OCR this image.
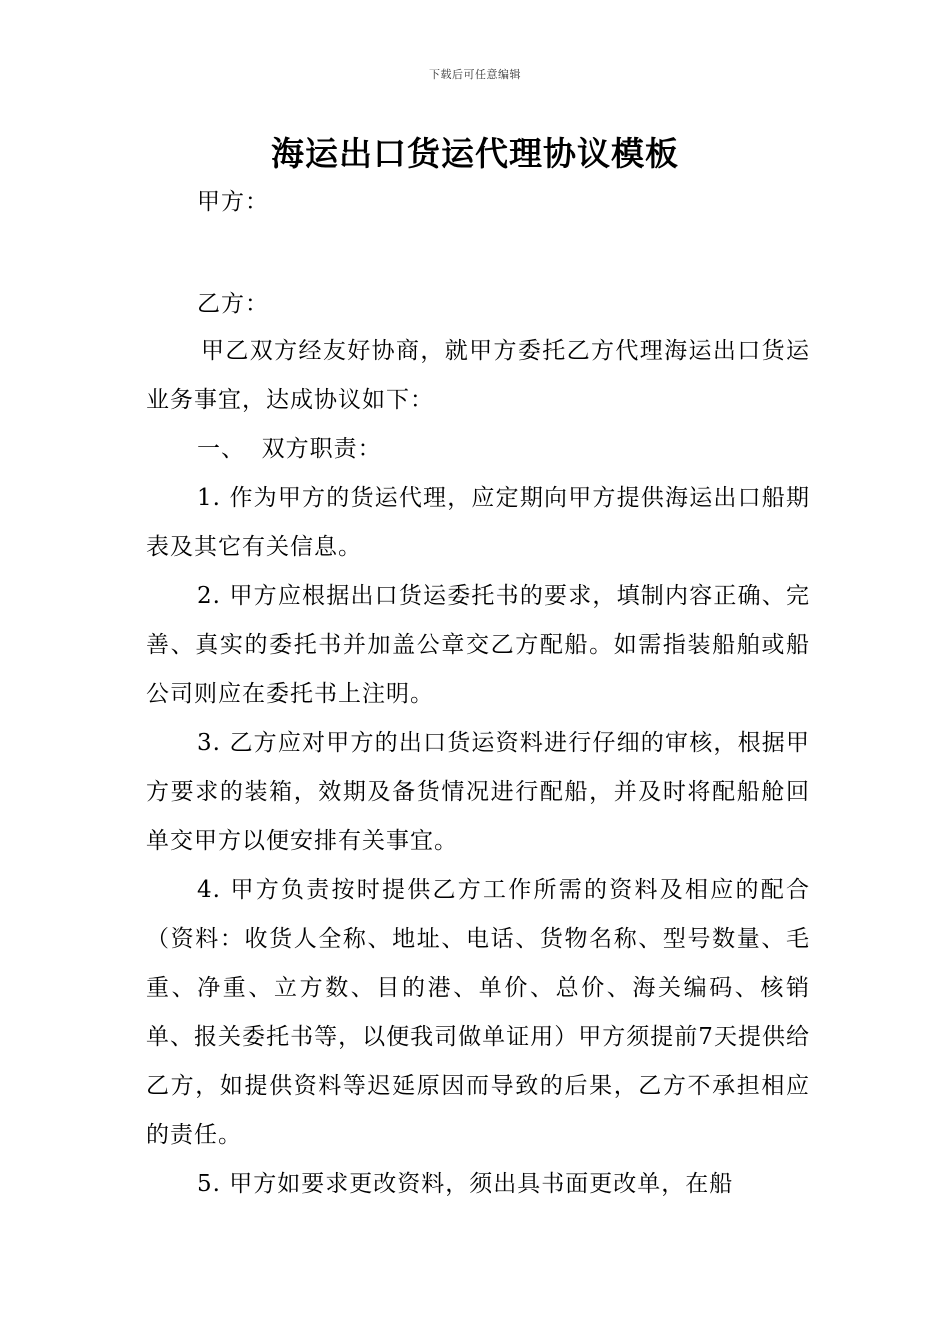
下载后可任意编辑
海运出口货运代理协议模板

甲方：

乙方：

甲乙双方经友好协商，就甲方委托乙方代理海运出口货运业务事宜，达成协议如下：

一、  双方职责：

1. 作为甲方的货运代理，应定期向甲方提供海运出口船期表及其它有关信息。

2. 甲方应根据出口货运委托书的要求，填制内容正确、完善、真实的委托书并加盖公章交乙方配船。如需指装船舶或船公司则应在委托书上注明。

3. 乙方应对甲方的出口货运资料进行仔细的审核，根据甲方要求的装箱，效期及备货情况进行配船，并及时将配船舱回单交甲方以便安排有关事宜。

4. 甲方负责按时提供乙方工作所需的资料及相应的配合（资料：收货人全称、地址、电话、货物名称、型号数量、毛重、净重、立方数、目的港、单价、总价、海关编码、核销单、报关委托书等，以便我司做单证用）甲方须提前7天提供给乙方，如提供资料等迟延原因而导致的后果，乙方不承担相应的责任。

5. 甲方如要求更改资料，须出具书面更改单，在船
